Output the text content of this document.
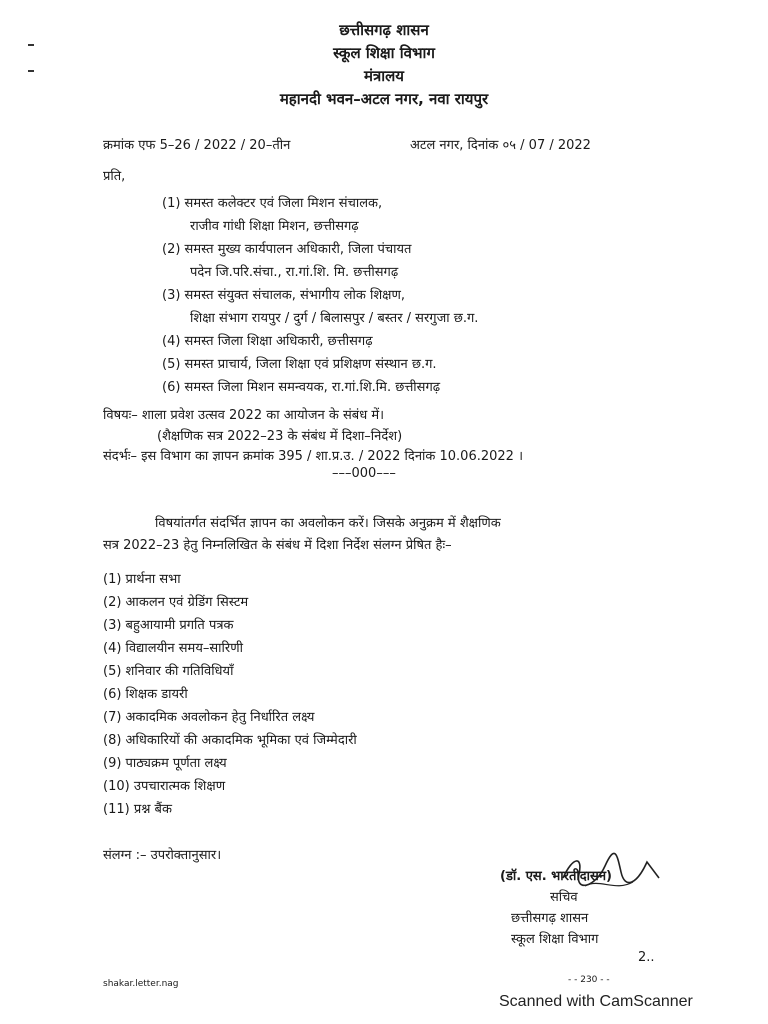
छत्तीसगढ़ शासन
स्कूल शिक्षा विभाग
मंत्रालय
महानदी भवन–अटल नगर, नवा रायपुर
क्रमांक एफ 5–26 / 2022 / 20–तीन	अटल नगर, दिनांक ०५ / 07 / 2022
प्रति,
(1) समस्त कलेक्टर एवं जिला मिशन संचालक,
राजीव गांधी शिक्षा मिशन, छत्तीसगढ़
(2) समस्त मुख्य कार्यपालन अधिकारी, जिला पंचायत
पदेन जि.परि.संचा., रा.गां.शि. मि. छत्तीसगढ़
(3) समस्त संयुक्त संचालक, संभागीय लोक शिक्षण,
शिक्षा संभाग रायपुर / दुर्ग / बिलासपुर / बस्तर / सरगुजा छ.ग.
(4) समस्त जिला शिक्षा अधिकारी, छत्तीसगढ़
(5) समस्त प्राचार्य, जिला शिक्षा एवं प्रशिक्षण संस्थान छ.ग.
(6) समस्त जिला मिशन समन्वयक, रा.गां.शि.मि. छत्तीसगढ़
विषयः– शाला प्रवेश उत्सव 2022 का आयोजन के संबंध में।
(शैक्षणिक सत्र 2022–23 के संबंध में दिशा–निर्देश)
संदर्भः– इस विभाग का ज्ञापन क्रमांक 395 / शा.प्र.उ. / 2022 दिनांक 10.06.2022 ।
–––000–––
विषयांतर्गत संदर्भित ज्ञापन का अवलोकन करें। जिसके अनुक्रम में शैक्षणिक
सत्र 2022–23 हेतु निम्नलिखित के संबंध में दिशा निर्देश संलग्न प्रेषित हैः–
(1) प्रार्थना सभा
(2) आकलन एवं ग्रेडिंग सिस्टम
(3) बहुआयामी प्रगति पत्रक
(4) विद्यालयीन समय–सारिणी
(5) शनिवार की गतिविधियाँ
(6) शिक्षक डायरी
(7) अकादमिक अवलोकन हेतु निर्धारित लक्ष्य
(8) अधिकारियों की अकादमिक भूमिका एवं जिम्मेदारी
(9) पाठ्यक्रम पूर्णता लक्ष्य
(10) उपचारात्मक शिक्षण
(11) प्रश्न बैंक
संलग्न :– उपरोक्तानुसार।
(डॉ. एस. भारतीदासन)
सचिव
छत्तीसगढ़ शासन
स्कूल शिक्षा विभाग
2..
shakar.letter.nag	- - 230 - -
Scanned with CamScanner
